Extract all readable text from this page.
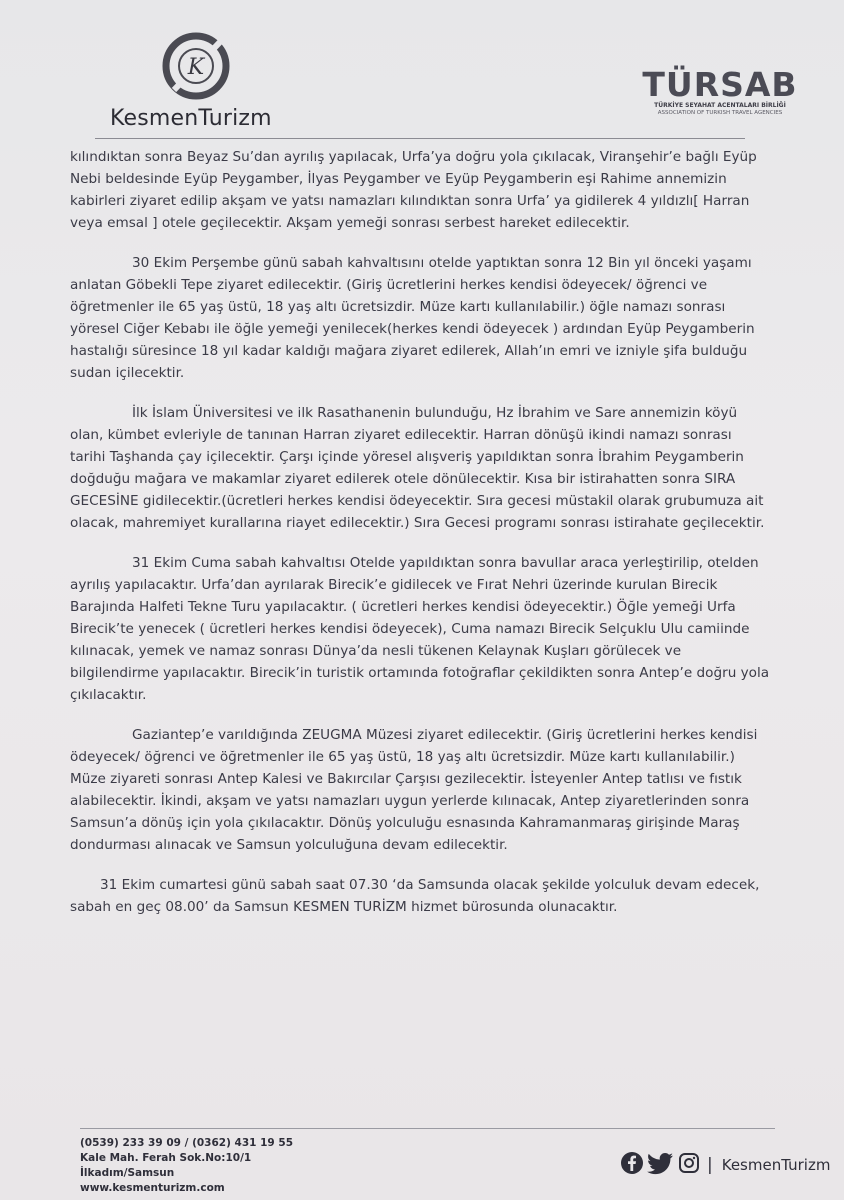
K
KesmenTurizm
TÜRSAB
TÜRKİYE SEYAHAT ACENTALARI BİRLİĞİ
ASSOCIATION OF TURKISH TRAVEL AGENCIES

kılındıktan sonra Beyaz Su’dan ayrılış yapılacak, Urfa’ya doğru yola çıkılacak, Viranşehir’e bağlı Eyüp Nebi beldesinde Eyüp Peygamber, İlyas Peygamber ve Eyüp Peygamberin eşi Rahime annemizin kabirleri ziyaret edilip akşam ve yatsı namazları kılındıktan sonra Urfa’ ya gidilerek 4 yıldızlı[ Harran veya emsal ] otele geçilecektir. Akşam yemeği sonrası serbest hareket edilecektir.

30 Ekim Perşembe günü sabah kahvaltısını otelde yaptıktan sonra 12 Bin yıl önceki yaşamı anlatan Göbekli Tepe ziyaret edilecektir. (Giriş ücretlerini herkes kendisi ödeyecek/ öğrenci ve öğretmenler ile 65 yaş üstü, 18 yaş altı ücretsizdir. Müze kartı kullanılabilir.) öğle namazı sonrası yöresel Ciğer Kebabı ile öğle yemeği yenilecek(herkes kendi ödeyecek ) ardından Eyüp Peygamberin hastalığı süresince 18 yıl kadar kaldığı mağara ziyaret edilerek, Allah’ın emri ve izniyle şifa bulduğu sudan içilecektir.

İlk İslam Üniversitesi ve ilk Rasathanenin bulunduğu, Hz İbrahim ve Sare annemizin köyü olan, kümbet evleriyle de tanınan Harran ziyaret edilecektir. Harran dönüşü ikindi namazı sonrası tarihi Taşhanda çay içilecektir. Çarşı içinde yöresel alışveriş yapıldıktan sonra İbrahim Peygamberin doğduğu mağara ve makamlar ziyaret edilerek otele dönülecektir. Kısa bir istirahatten sonra SIRA GECESİNE gidilecektir.(ücretleri herkes kendisi ödeyecektir. Sıra gecesi müstakil olarak grubumuza ait olacak, mahremiyet kurallarına riayet edilecektir.) Sıra Gecesi programı sonrası istirahate geçilecektir.

31 Ekim Cuma sabah kahvaltısı Otelde yapıldıktan sonra bavullar araca yerleştirilip, otelden ayrılış yapılacaktır. Urfa’dan ayrılarak Birecik’e gidilecek ve Fırat Nehri üzerinde kurulan Birecik Barajında Halfeti Tekne Turu yapılacaktır. ( ücretleri herkes kendisi ödeyecektir.) Öğle yemeği Urfa Birecik’te yenecek ( ücretleri herkes kendisi ödeyecek), Cuma namazı Birecik Selçuklu Ulu camiinde kılınacak, yemek ve namaz sonrası Dünya’da nesli tükenen Kelaynak Kuşları görülecek ve bilgilendirme yapılacaktır. Birecik’in turistik ortamında fotoğraflar çekildikten sonra Antep’e doğru yola çıkılacaktır.

Gaziantep’e varıldığında ZEUGMA Müzesi ziyaret edilecektir. (Giriş ücretlerini herkes kendisi ödeyecek/ öğrenci ve öğretmenler ile 65 yaş üstü, 18 yaş altı ücretsizdir. Müze kartı kullanılabilir.) Müze ziyareti sonrası Antep Kalesi ve Bakırcılar Çarşısı gezilecektir. İsteyenler Antep tatlısı ve fıstık alabilecektir. İkindi, akşam ve yatsı namazları uygun yerlerde kılınacak, Antep ziyaretlerinden sonra Samsun’a dönüş için yola çıkılacaktır. Dönüş yolculuğu esnasında Kahramanmaraş girişinde Maraş dondurması alınacak ve Samsun yolculuğuna devam edilecektir.

31 Ekim cumartesi günü sabah saat 07.30 ‘da Samsunda olacak şekilde yolculuk devam edecek, sabah en geç 08.00’ da Samsun KESMEN TURİZM hizmet bürosunda olunacaktır.

(0539) 233 39 09 / (0362) 431 19 55
Kale Mah. Ferah Sok.No:10/1
İlkadım/Samsun
www.kesmenturizm.com
| KesmenTurizm
